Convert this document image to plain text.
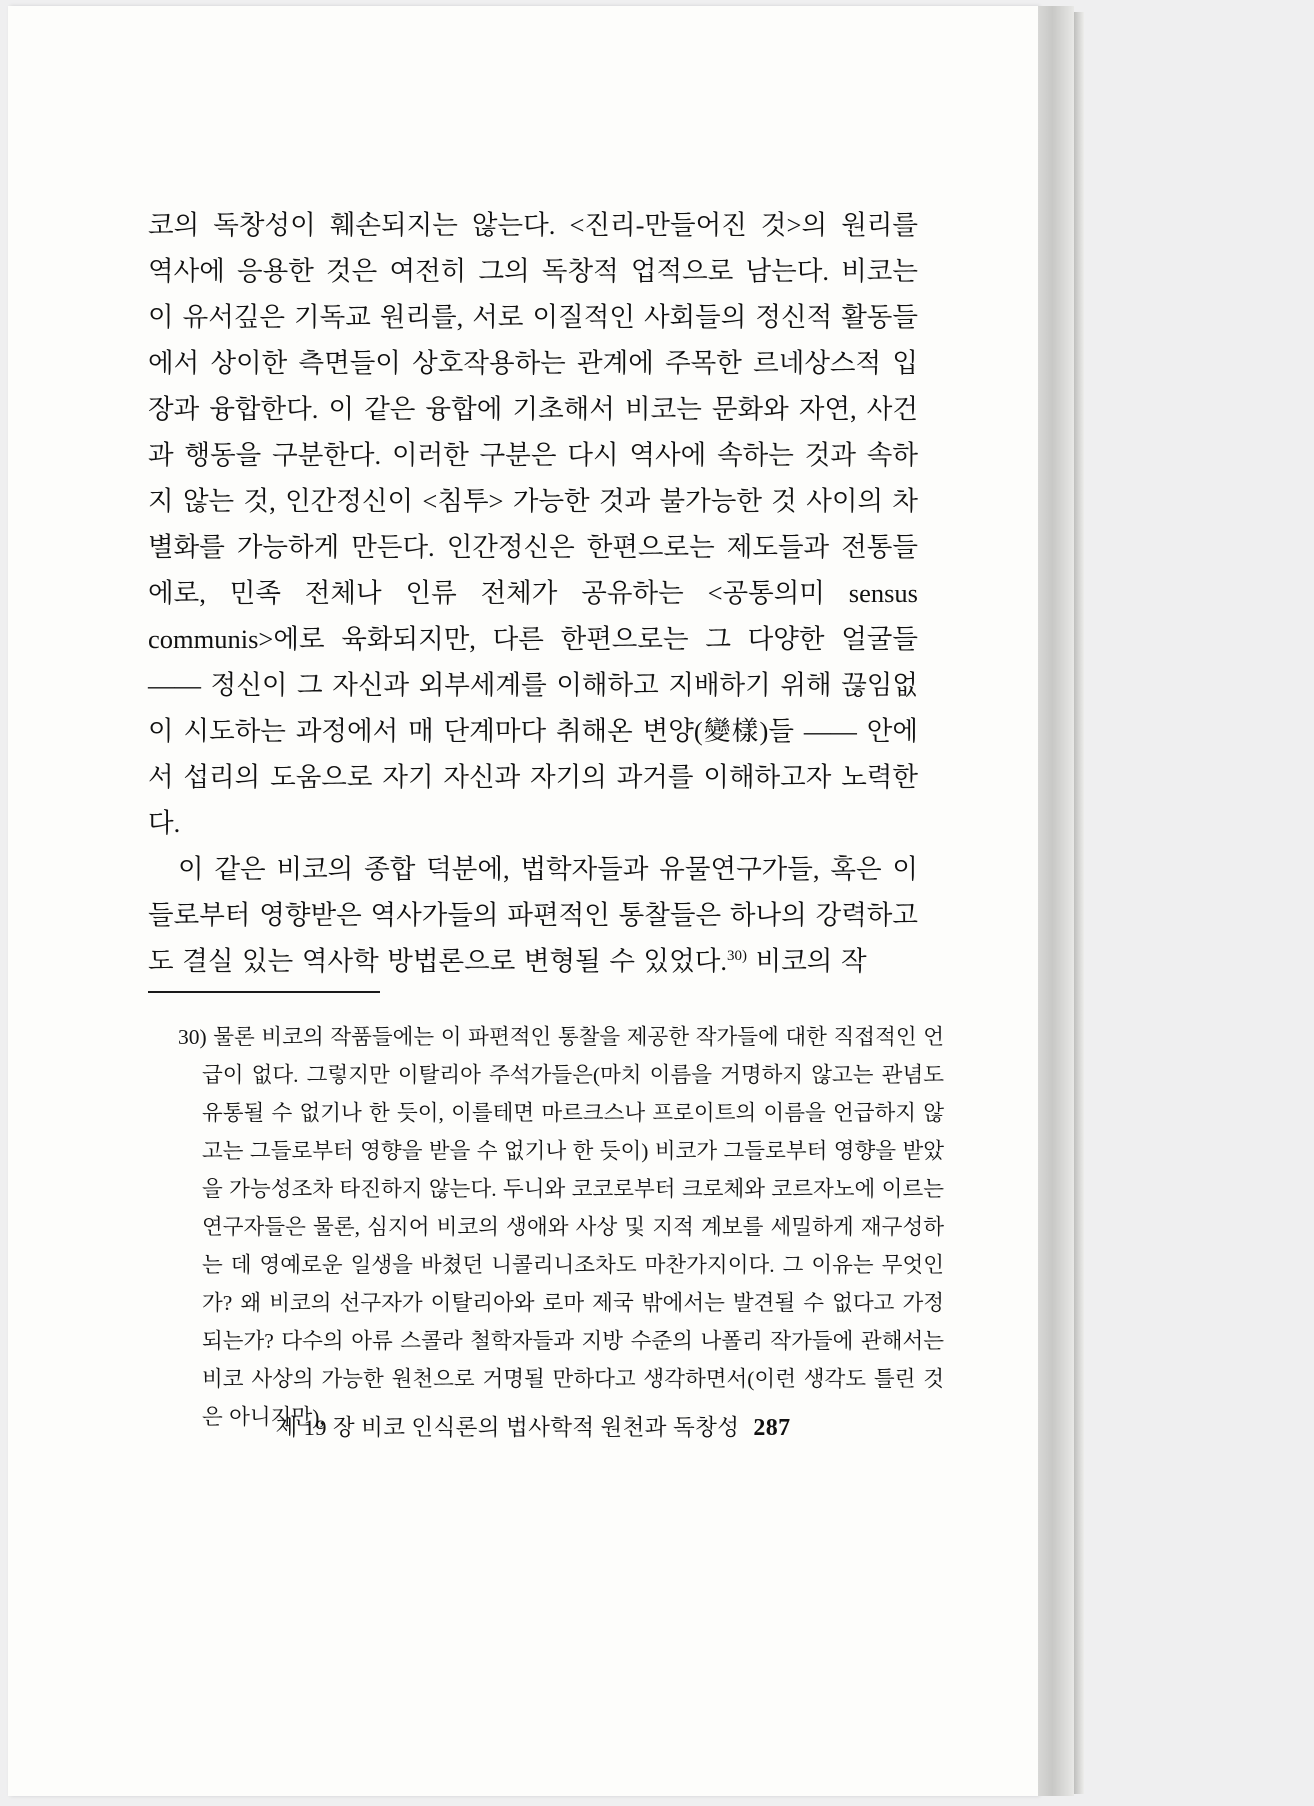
코의 독창성이 훼손되지는 않는다. <진리-만들어진 것>의 원리를 역사에 응용한 것은 여전히 그의 독창적 업적으로 남는다. 비코는 이 유서깊은 기독교 원리를, 서로 이질적인 사회들의 정신적 활동들에서 상이한 측면들이 상호작용하는 관계에 주목한 르네상스적 입장과 융합한다. 이 같은 융합에 기초해서 비코는 문화와 자연, 사건과 행동을 구분한다. 이러한 구분은 다시 역사에 속하는 것과 속하지 않는 것, 인간정신이 <침투> 가능한 것과 불가능한 것 사이의 차별화를 가능하게 만든다. 인간정신은 한편으로는 제도들과 전통들에로, 민족 전체나 인류 전체가 공유하는 <공통의미 sensus communis>에로 육화되지만, 다른 한편으로는 그 다양한 얼굴들 —— 정신이 그 자신과 외부세계를 이해하고 지배하기 위해 끊임없이 시도하는 과정에서 매 단계마다 취해온 변양(變樣)들 —— 안에서 섭리의 도움으로 자기 자신과 자기의 과거를 이해하고자 노력한다.

이 같은 비코의 종합 덕분에, 법학자들과 유물연구가들, 혹은 이들로부터 영향받은 역사가들의 파편적인 통찰들은 하나의 강력하고도 결실 있는 역사학 방법론으로 변형될 수 있었다.$^{30)}$ 비코의 작

30) 물론 비코의 작품들에는 이 파편적인 통찰을 제공한 작가들에 대한 직접적인 언급이 없다. 그렇지만 이탈리아 주석가들은(마치 이름을 거명하지 않고는 관념도 유통될 수 없기나 한 듯이, 이를테면 마르크스나 프로이트의 이름을 언급하지 않고는 그들로부터 영향을 받을 수 없기나 한 듯이) 비코가 그들로부터 영향을 받았을 가능성조차 타진하지 않는다. 두니와 코코로부터 크로체와 코르자노에 이르는 연구자들은 물론, 심지어 비코의 생애와 사상 및 지적 계보를 세밀하게 재구성하는 데 영예로운 일생을 바쳤던 니콜리니조차도 마찬가지이다. 그 이유는 무엇인가? 왜 비코의 선구자가 이탈리아와 로마 제국 밖에서는 발견될 수 없다고 가정되는가? 다수의 아류 스콜라 철학자들과 지방 수준의 나폴리 작가들에 관해서는 비코 사상의 가능한 원천으로 거명될 만하다고 생각하면서(이런 생각도 틀린 것은 아니지만),
제 19 장 비코 인식론의 법사학적 원천과 독창성 287
